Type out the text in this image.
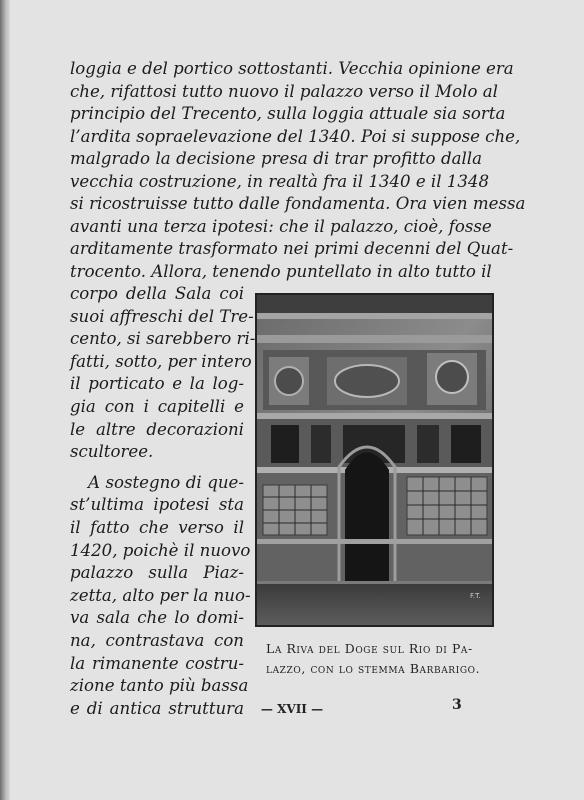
loggia e del portico sottostanti. Vecchia opinione era
che, rifattosi tutto nuovo il palazzo verso il Molo al
principio del Trecento, sulla loggia attuale sia sorta
l’ardita sopraelevazione del 1340. Poi si suppose che,
malgrado la decisione presa di trar profitto dalla
vecchia costruzione, in realtà fra il 1340 e il 1348
si ricostruisse tutto dalle fondamenta. Ora vien messa
avanti una terza ipotesi: che il palazzo, cioè, fosse
arditamente trasformato nei primi decenni del Quat-
trocento. Allora, tenendo puntellato in alto tutto il
corpo della Sala coi
suoi affreschi del Tre-
cento, si sarebbero ri-
fatti, sotto, per intero
il porticato e la log-
gia con i capitelli e
le altre decorazioni
scultoree.
A sostegno di que-
st’ultima ipotesi sta
il fatto che verso il
1420, poichè il nuovo
palazzo sulla Piaz-
zetta, alto per la nuo-
va sala che lo domi-
na, contrastava con
la rimanente costru-
zione tanto più bassa
e di antica struttura
F.T.
La Riva del Doge sul Rio di Pa-
lazzo, con lo stemma Barbarigo.
— XVII —	3
